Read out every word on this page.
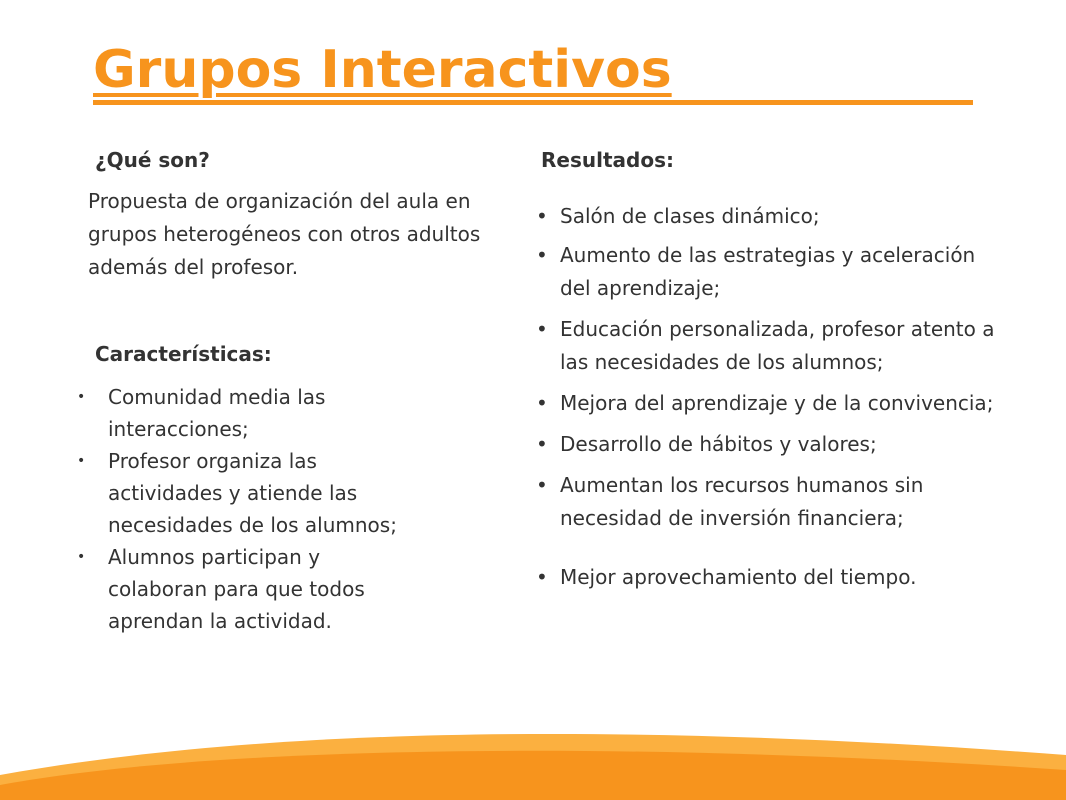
Grupos Interactivos
¿Qué son?

Propuesta de organización del aula en grupos heterogéneos con otros adultos además del profesor.

Características:
• Comunidad media las interacciones;
• Profesor organiza las actividades y atiende las necesidades de los alumnos;
• Alumnos participan y colaboran para que todos aprendan la actividad.
Resultados:
• Salón de clases dinámico;
• Aumento de las estrategias y aceleración del aprendizaje;
• Educación personalizada, profesor atento a las necesidades de los alumnos;
• Mejora del aprendizaje y de la convivencia;
• Desarrollo de hábitos y valores;
• Aumentan los recursos humanos sin necesidad de inversión financiera;
• Mejor aprovechamiento del tiempo.
